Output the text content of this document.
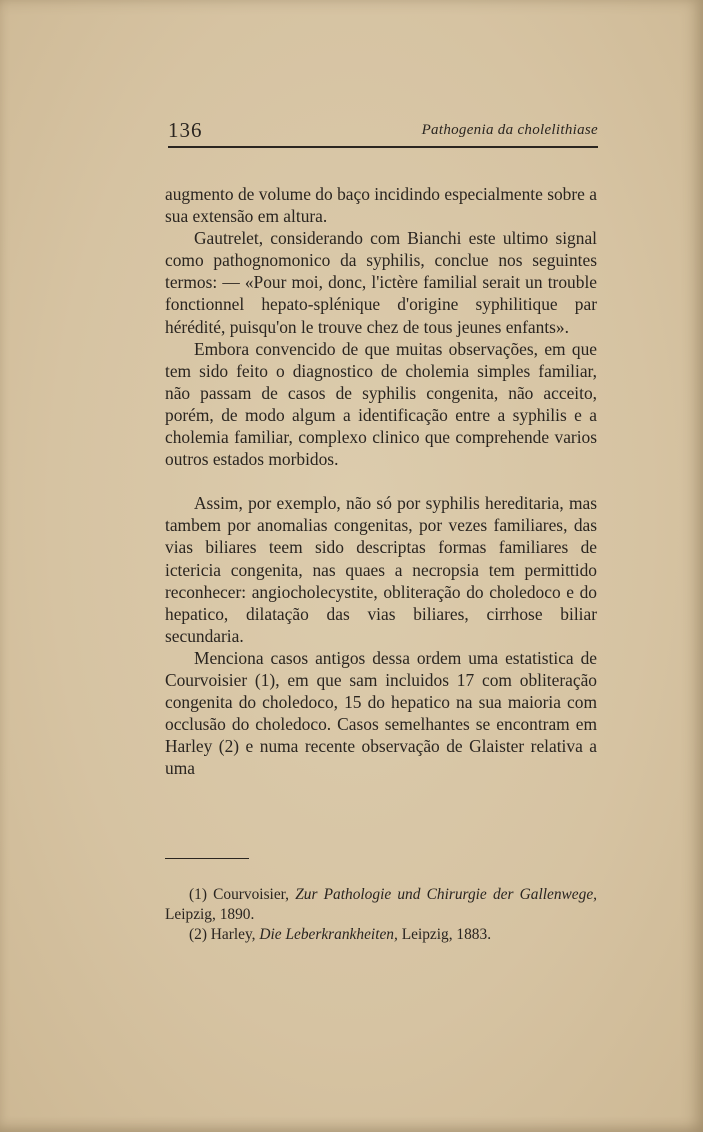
136	Pathogenia da cholelithiase

augmento de volume do baço incidindo especialmente sobre a sua extensão em altura.

Gautrelet, considerando com Bianchi este ultimo signal como pathognomonico da syphilis, conclue nos seguintes termos: — «Pour moi, donc, l'ictère familial serait un trouble fonctionnel hepato-splénique d'origine syphilitique par hérédité, puisqu'on le trouve chez de tous jeunes enfants».

Embora convencido de que muitas observações, em que tem sido feito o diagnostico de cholemia simples familiar, não passam de casos de syphilis congenita, não acceito, porém, de modo algum a identificação entre a syphilis e a cholemia familiar, complexo clinico que comprehende varios outros estados morbidos.

Assim, por exemplo, não só por syphilis hereditaria, mas tambem por anomalias congenitas, por vezes familiares, das vias biliares teem sido descriptas formas familiares de ictericia congenita, nas quaes a necropsia tem permittido reconhecer: angiocholecystite, obliteração do choledoco e do hepatico, dilatação das vias biliares, cirrhose biliar secundaria.

Menciona casos antigos dessa ordem uma estatistica de Courvoisier (1), em que sam incluidos 17 com obliteração congenita do choledoco, 15 do hepatico na sua maioria com occlusão do choledoco. Casos semelhantes se encontram em Harley (2) e numa recente observação de Glaister relativa a uma

(1) Courvoisier, Zur Pathologie und Chirurgie der Gallenwege, Leipzig, 1890.

(2) Harley, Die Leberkrankheiten, Leipzig, 1883.
